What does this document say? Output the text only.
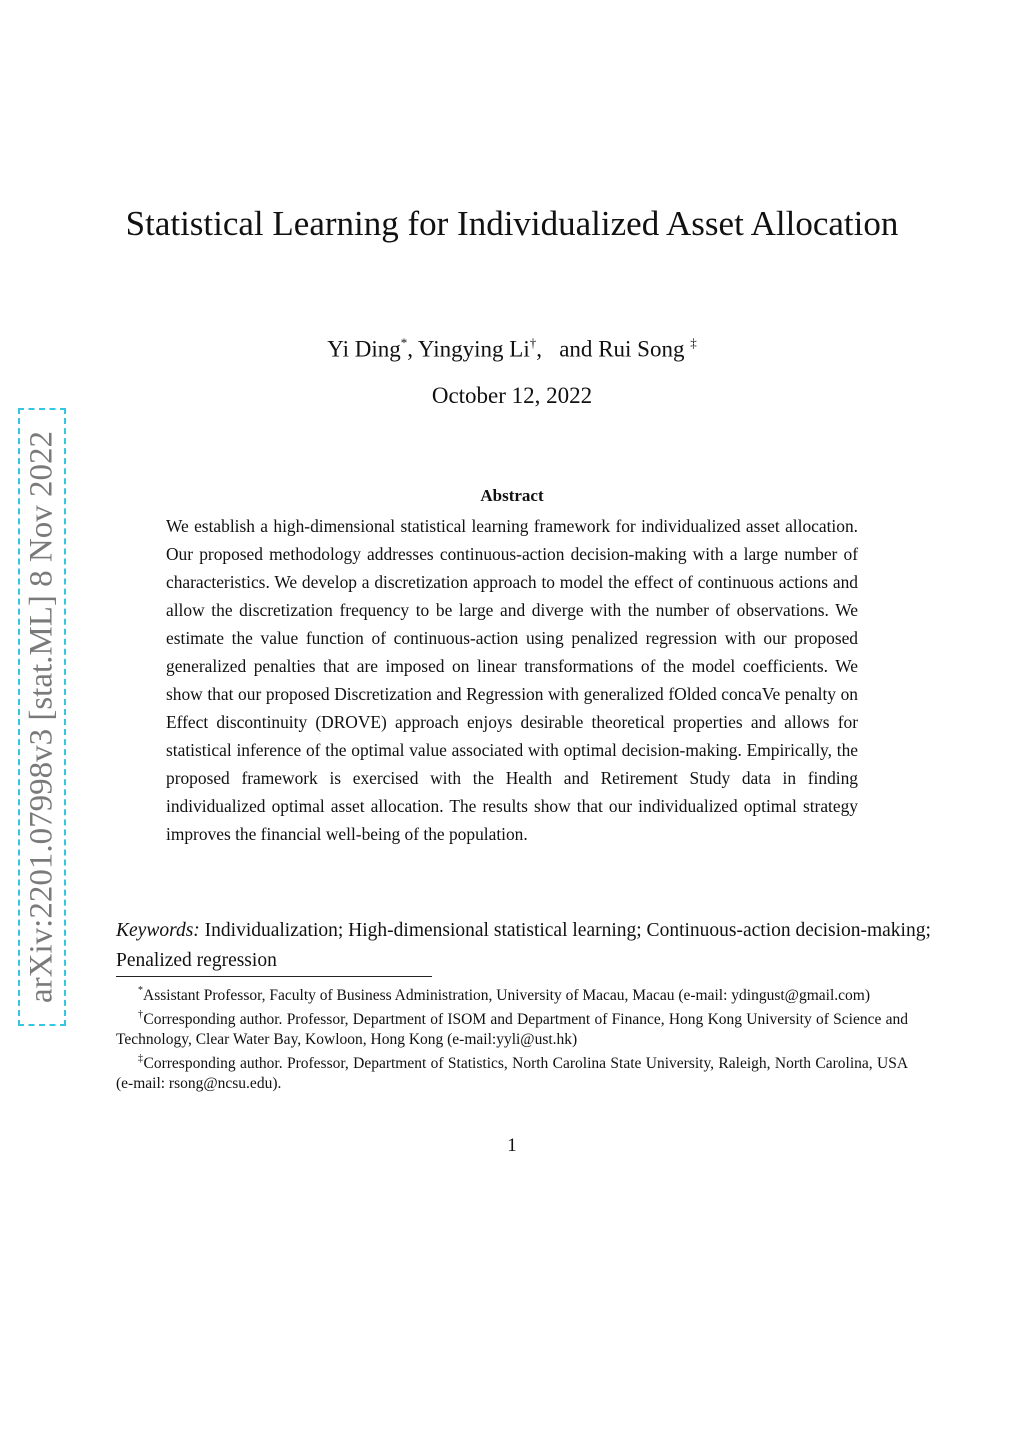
arXiv:2201.07998v3 [stat.ML] 8 Nov 2022
Statistical Learning for Individualized Asset Allocation
Yi Ding*, Yingying Li†,   and Rui Song ‡
October 12, 2022
Abstract

We establish a high-dimensional statistical learning framework for individualized asset allocation. Our proposed methodology addresses continuous-action decision-making with a large number of characteristics. We develop a discretization approach to model the effect of continuous actions and allow the discretization frequency to be large and diverge with the number of observations. We estimate the value function of continuous-action using penalized regression with our proposed generalized penalties that are imposed on linear transformations of the model coefficients. We show that our proposed Discretization and Regression with generalized fOlded concaVe penalty on Effect discontinuity (DROVE) approach enjoys desirable theoretical properties and allows for statistical inference of the optimal value associated with optimal decision-making. Empirically, the proposed framework is exercised with the Health and Retirement Study data in finding individualized optimal asset allocation. The results show that our individualized optimal strategy improves the financial well-being of the population.

Keywords: Individualization; High-dimensional statistical learning; Continuous-action decision-making; Penalized regression

*Assistant Professor, Faculty of Business Administration, University of Macau, Macau (e-mail: ydingust@gmail.com)

†Corresponding author. Professor, Department of ISOM and Department of Finance, Hong Kong University of Science and Technology, Clear Water Bay, Kowloon, Hong Kong (e-mail:yyli@ust.hk)

‡Corresponding author. Professor, Department of Statistics, North Carolina State University, Raleigh, North Carolina, USA (e-mail: rsong@ncsu.edu).

1
